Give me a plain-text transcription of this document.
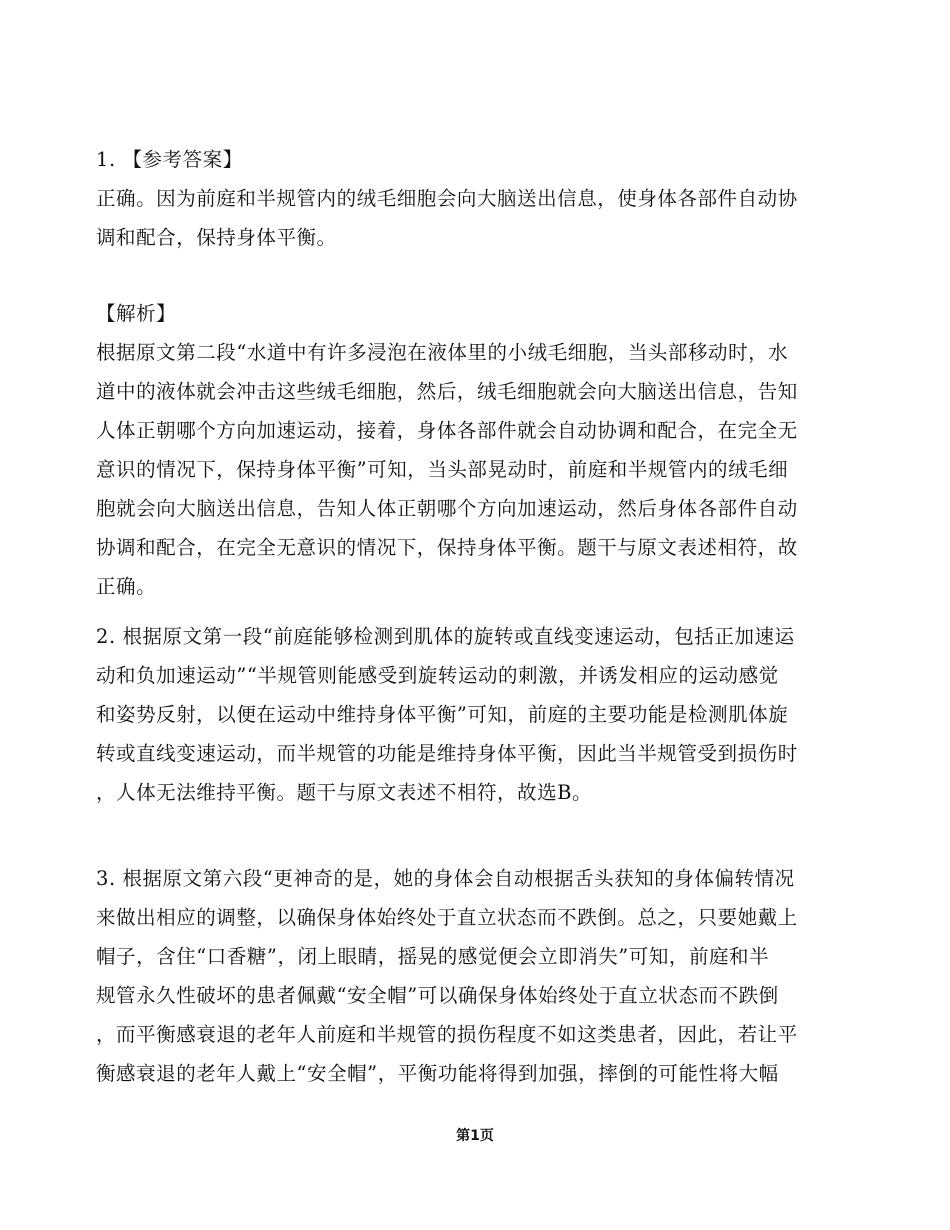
1. 【参考答案】
正确。因为前庭和半规管内的绒毛细胞会向大脑送出信息，使身体各部件自动协
调和配合，保持身体平衡。
【解析】
根据原文第二段“水道中有许多浸泡在液体里的小绒毛细胞，当头部移动时，水
道中的液体就会冲击这些绒毛细胞，然后，绒毛细胞就会向大脑送出信息，告知
人体正朝哪个方向加速运动，接着，身体各部件就会自动协调和配合，在完全无
意识的情况下，保持身体平衡”可知，当头部晃动时，前庭和半规管内的绒毛细
胞就会向大脑送出信息，告知人体正朝哪个方向加速运动，然后身体各部件自动
协调和配合，在完全无意识的情况下，保持身体平衡。题干与原文表述相符，故
正确。
2. 根据原文第一段“前庭能够检测到肌体的旋转或直线变速运动，包括正加速运
动和负加速运动”“半规管则能感受到旋转运动的刺激，并诱发相应的运动感觉
和姿势反射，以便在运动中维持身体平衡”可知，前庭的主要功能是检测肌体旋
转或直线变速运动，而半规管的功能是维持身体平衡，因此当半规管受到损伤时
，人体无法维持平衡。题干与原文表述不相符，故选B。
3. 根据原文第六段“更神奇的是，她的身体会自动根据舌头获知的身体偏转情况
来做出相应的调整，以确保身体始终处于直立状态而不跌倒。总之，只要她戴上
帽子，含住“口香糖”，闭上眼睛，摇晃的感觉便会立即消失”可知，前庭和半
规管永久性破坏的患者佩戴“安全帽”可以确保身体始终处于直立状态而不跌倒
，而平衡感衰退的老年人前庭和半规管的损伤程度不如这类患者，因此，若让平
衡感衰退的老年人戴上“安全帽”，平衡功能将得到加强，摔倒的可能性将大幅
第1页
